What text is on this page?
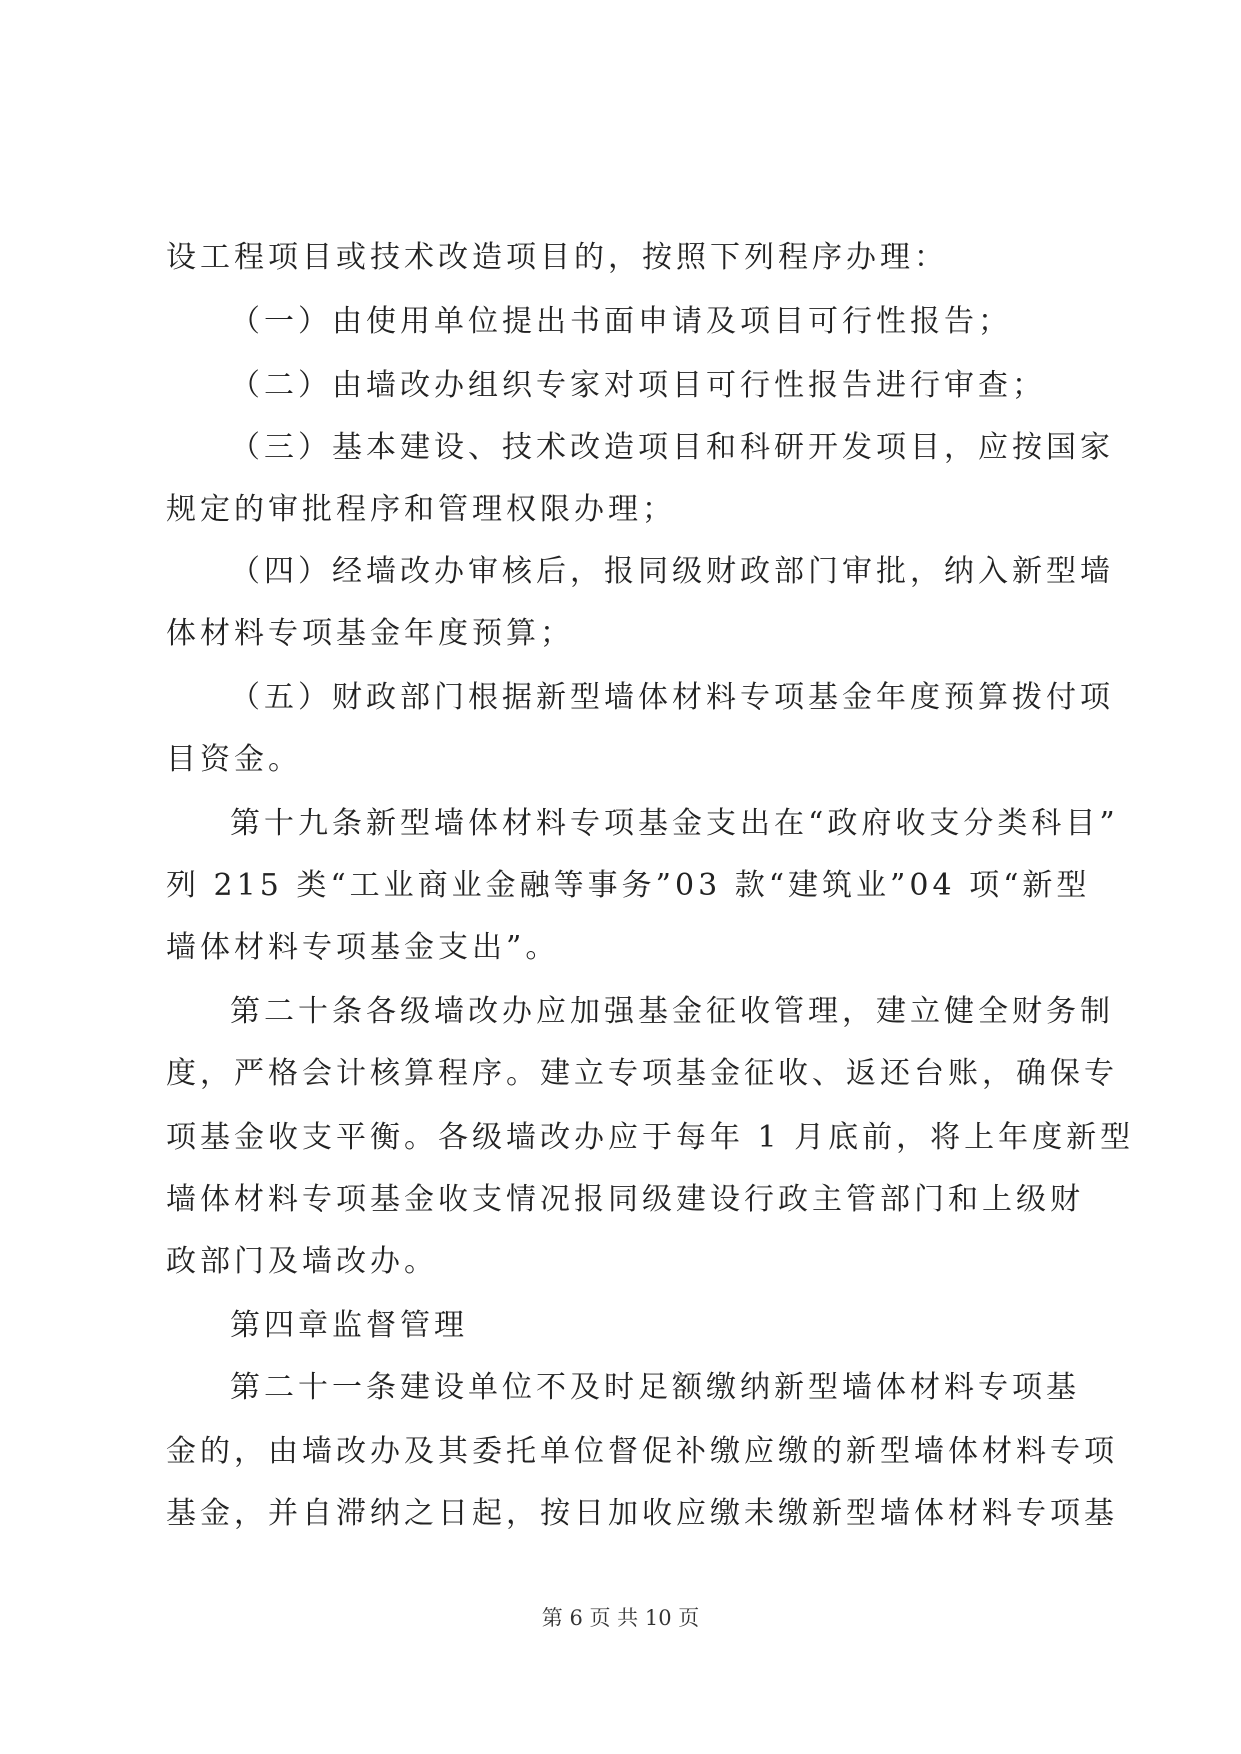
设工程项目或技术改造项目的，按照下列程序办理：
（一）由使用单位提出书面申请及项目可行性报告；
（二）由墙改办组织专家对项目可行性报告进行审查；
（三）基本建设、技术改造项目和科研开发项目，应按国家
规定的审批程序和管理权限办理；
（四）经墙改办审核后，报同级财政部门审批，纳入新型墙
体材料专项基金年度预算；
（五）财政部门根据新型墙体材料专项基金年度预算拨付项
目资金。
第十九条新型墙体材料专项基金支出在“政府收支分类科目”
列 215 类“工业商业金融等事务”03 款“建筑业”04 项“新型
墙体材料专项基金支出”。
第二十条各级墙改办应加强基金征收管理，建立健全财务制
度，严格会计核算程序。建立专项基金征收、返还台账，确保专
项基金收支平衡。各级墙改办应于每年 1 月底前，将上年度新型
墙体材料专项基金收支情况报同级建设行政主管部门和上级财
政部门及墙改办。
第四章监督管理
第二十一条建设单位不及时足额缴纳新型墙体材料专项基
金的，由墙改办及其委托单位督促补缴应缴的新型墙体材料专项
基金，并自滞纳之日起，按日加收应缴未缴新型墙体材料专项基
第 6 页 共 10 页
